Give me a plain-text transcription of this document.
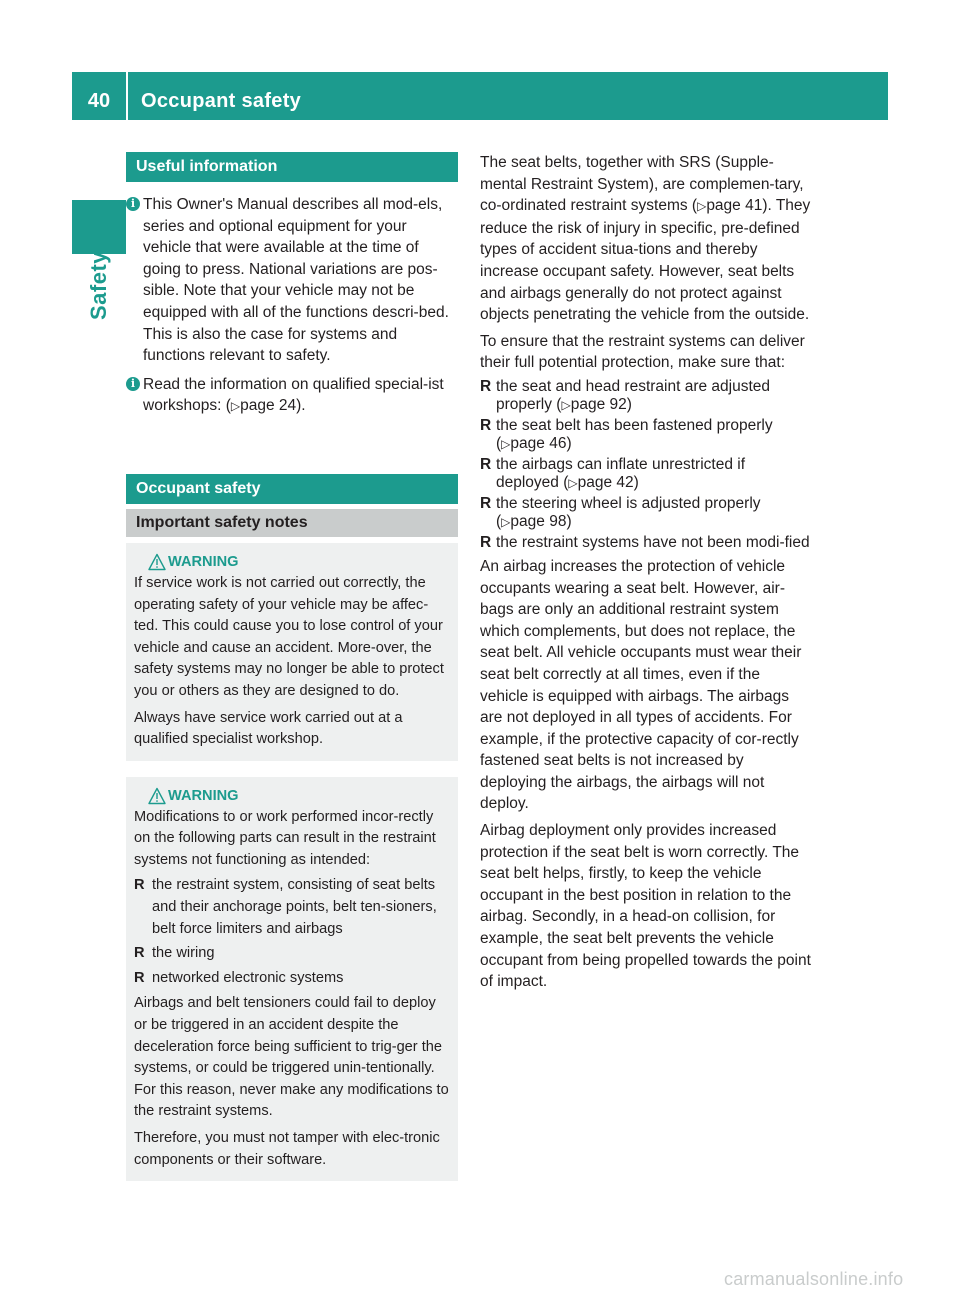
40	Occupant safety
Safety
Useful information
i This Owner's Manual describes all mod-els, series and optional equipment for your vehicle that were available at the time of going to press. National variations are pos-sible. Note that your vehicle may not be equipped with all of the functions descri-bed. This is also the case for systems and functions relevant to safety.
i Read the information on qualified special-ist workshops: (▷page 24).
Occupant safety
Important safety notes
WARNING

If service work is not carried out correctly, the operating safety of your vehicle may be affec-ted. This could cause you to lose control of your vehicle and cause an accident. More-over, the safety systems may no longer be able to protect you or others as they are designed to do.

Always have service work carried out at a qualified specialist workshop.

WARNING

Modifications to or work performed incor-rectly on the following parts can result in the restraint systems not functioning as intended:

R the restraint system, consisting of seat belts and their anchorage points, belt ten-sioners, belt force limiters and airbags
R the wiring
R networked electronic systems

Airbags and belt tensioners could fail to deploy or be triggered in an accident despite the deceleration force being sufficient to trig-ger the systems, or could be triggered unin-tentionally. For this reason, never make any modifications to the restraint systems.

Therefore, you must not tamper with elec-tronic components or their software.

The seat belts, together with SRS (Supple-mental Restraint System), are complemen-tary, co-ordinated restraint systems (▷page 41). They reduce the risk of injury in specific, pre-defined types of accident situa-tions and thereby increase occupant safety. However, seat belts and airbags generally do not protect against objects penetrating the vehicle from the outside.

To ensure that the restraint systems can deliver their full potential protection, make sure that:

R the seat and head restraint are adjusted properly (▷page 92)
R the seat belt has been fastened properly (▷page 46)
R the airbags can inflate unrestricted if deployed (▷page 42)
R the steering wheel is adjusted properly (▷page 98)
R the restraint systems have not been modi-fied

An airbag increases the protection of vehicle occupants wearing a seat belt. However, air-bags are only an additional restraint system which complements, but does not replace, the seat belt. All vehicle occupants must wear their seat belt correctly at all times, even if the vehicle is equipped with airbags. The airbags are not deployed in all types of accidents. For example, if the protective capacity of cor-rectly fastened seat belts is not increased by deploying the airbags, the airbags will not deploy.

Airbag deployment only provides increased protection if the seat belt is worn correctly. The seat belt helps, firstly, to keep the vehicle occupant in the best position in relation to the airbag. Secondly, in a head-on collision, for example, the seat belt prevents the vehicle occupant from being propelled towards the point of impact.

carmanualsonline.info
